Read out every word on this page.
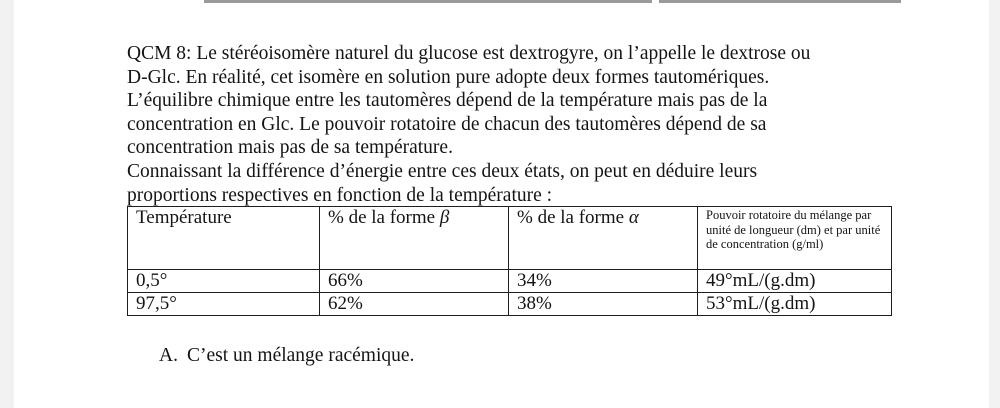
QCM 8: Le stéréoisomère naturel du glucose est dextrogyre, on l’appelle le dextrose ou
D-Glc. En réalité, cet isomère en solution pure adopte deux formes tautomériques.
L’équilibre chimique entre les tautomères dépend de la température mais pas de la
concentration en Glc. Le pouvoir rotatoire de chacun des tautomères dépend de sa
concentration mais pas de sa température.
Connaissant la différence d’énergie entre ces deux états, on peut en déduire leurs
proportions respectives en fonction de la température :

Température	% de la forme β	% de la forme α	Pouvoir rotatoire du mélange par unité de longueur (dm) et par unité de concentration (g/ml)

0,5°	66%	34%	49°mL/(g.dm)
97,5°	62%	38%	53°mL/(g.dm)

A. C’est un mélange racémique.
